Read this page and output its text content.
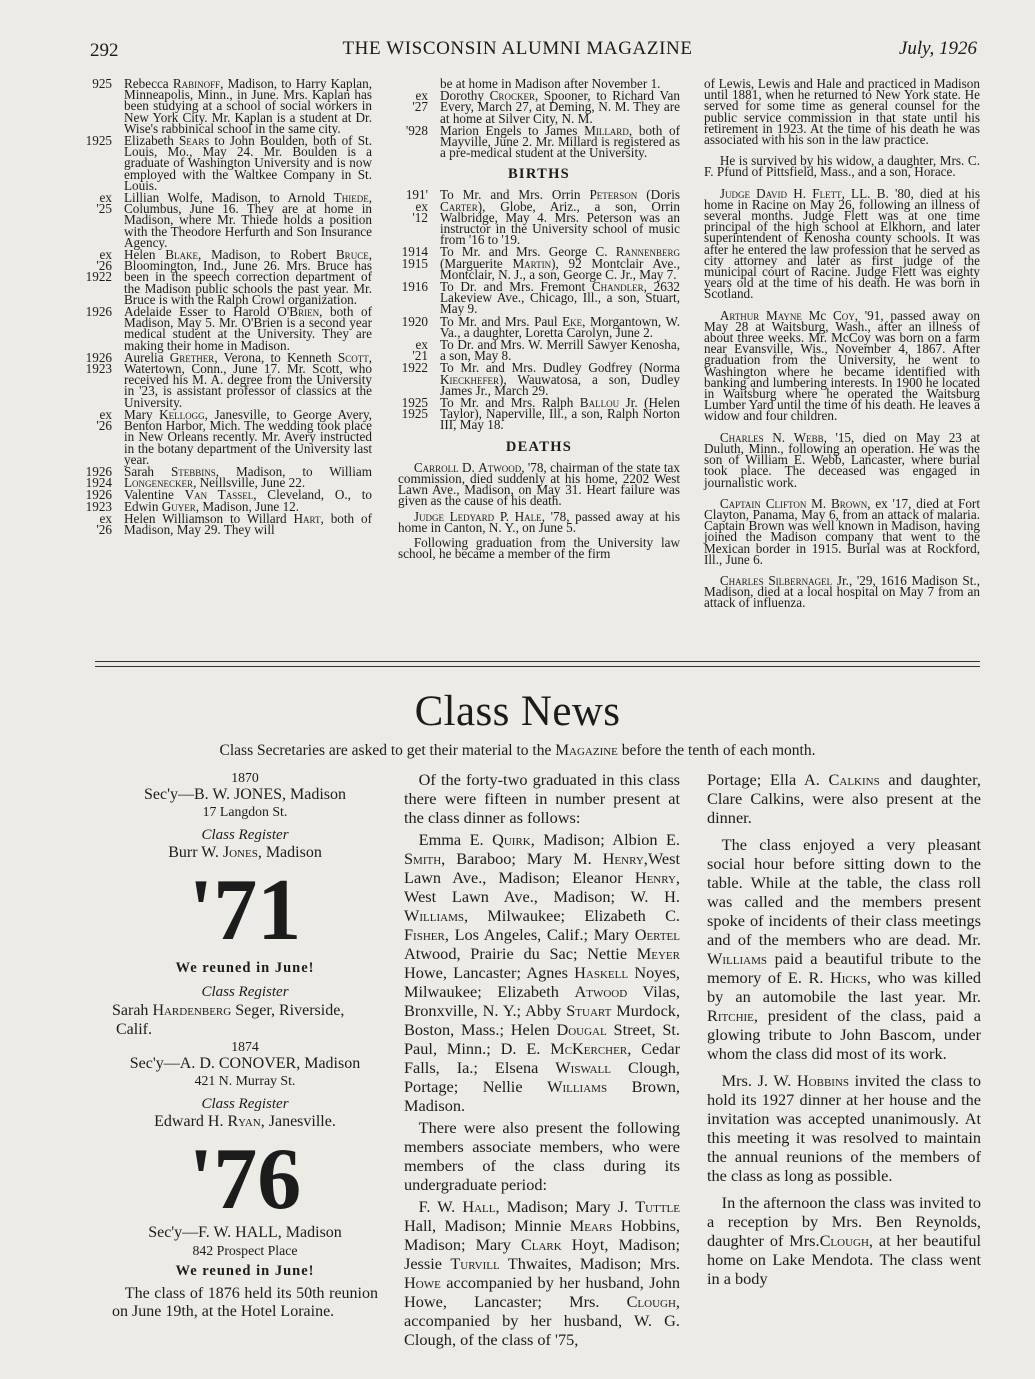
292	THE WISCONSIN ALUMNI MAGAZINE	July, 1926
925 Rebecca Rabinoff, Madison, to Harry Kaplan, Minneapolis, Minn., in June. Mrs. Kaplan has been studying at a school of social workers in New York City. Mr. Kaplan is a student at Dr. Wise's rabbinical school in the same city.
1925 Elizabeth Sears to John Boulden, both of St. Louis, Mo., May 24. Mr. Boulden is a graduate of Washington University and is now employed with the Waltkee Company in St. Louis.
ex '25
Lillian Wolfe, Madison, to Arnold Thiede, Columbus, June 16. They are at home in Madison, where Mr. Thiede holds a position with the Theodore Herfurth and Son Insurance Agency.
ex '26
1922
Helen Blake, Madison, to Robert Bruce, Bloomington, Ind., June 26. Mrs. Bruce has been in the speech correction department of the Madison public schools the past year. Mr. Bruce is with the Ralph Crowl organization.
1926 Adelaide Esser to Harold O'Brien, both of Madison, May 5. Mr. O'Brien is a second year medical student at the University. They are making their home in Madison.
1926
1923
Aurelia Grether, Verona, to Kenneth Scott, Watertown, Conn., June 17. Mr. Scott, who received his M. A. degree from the University in '23, is assistant professor of classics at the University.
ex '26
Mary Kellogg, Janesville, to George Avery, Benton Harbor, Mich. The wedding took place in New Orleans recently. Mr. Avery instructed in the botany department of the University last year.
1926
1924
Sarah Stebbins, Madison, to William Longenecker, Neillsville, June 22.
1926
1923
Valentine Van Tassel, Cleveland, O., to Edwin Guyer, Madison, June 12.
ex '26
Helen Williamson to Willard Hart, both of Madison, May 29. They will
be at home in Madison after November 1.
ex '27
Dorothy Crocker, Spooner, to Richard Van Every, March 27, at Deming, N. M. They are at home at Silver City, N. M.
'928 Marion Engels to James Millard, both of Mayville, June 2. Mr. Millard is registered as a pre-medical student at the University.
BIRTHS
191'
ex '12
To Mr. and Mrs. Orrin Peterson (Doris Carter), Globe, Ariz., a son, Orrin Walbridge, May 4. Mrs. Peterson was an instructor in the University school of music from '16 to '19.
1914
1915
To Mr. and Mrs. George C. Rannenberg (Marguerite Martin), 92 Montclair Ave., Montclair, N. J., a son, George C. Jr., May 7.
1916 To Dr. and Mrs. Fremont Chandler, 2632 Lakeview Ave., Chicago, Ill., a son, Stuart, May 9.
1920 To Mr. and Mrs. Paul Eke, Morgantown, W. Va., a daughter, Loretta Carolyn, June 2.
ex '21
To Dr. and Mrs. W. Merrill Sawyer Kenosha, a son, May 8.
1922 To Mr. and Mrs. Dudley Godfrey (Norma Kieckhefer), Wauwatosa, a son, Dudley James Jr., March 29.
1925
1925
To Mr. and Mrs. Ralph Ballou Jr. (Helen Taylor), Naperville, Ill., a son, Ralph Norton III, May 18.
DEATHS
Carroll D. Atwood, '78, chairman of the state tax commission, died suddenly at his home, 2202 West Lawn Ave., Madison, on May 31. Heart failure was given as the cause of his death.
Judge Ledyard P. Hale, '78, passed away at his home in Canton, N. Y., on June 5.
Following graduation from the University law school, he became a member of the firm
of Lewis, Lewis and Hale and practiced in Madison until 1881, when he returned to New York state. He served for some time as general counsel for the public service commission in that state until his retirement in 1923. At the time of his death he was associated with his son in the law practice.
He is survived by his widow, a daughter, Mrs. C. F. Pfund of Pittsfield, Mass., and a son, Horace.
Judge David H. Flett, LL. B. '80, died at his home in Racine on May 26, following an illness of several months. Judge Flett was at one time principal of the high school at Elkhorn, and later superintendent of Kenosha county schools. It was after he entered the law profession that he served as city attorney and later as first judge of the municipal court of Racine. Judge Flett was eighty years old at the time of his death. He was born in Scotland.
Arthur Mayne Mc Coy, '91, passed away on May 28 at Waitsburg, Wash., after an illness of about three weeks. Mr. McCoy was born on a farm near Evansville, Wis., November 4, 1867. After graduation from the University, he went to Washington where he became identified with banking and lumbering interests. In 1900 he located in Waitsburg where he operated the Waitsburg Lumber Yard until the time of his death. He leaves a widow and four children.
Charles N. Webb, '15, died on May 23 at Duluth, Minn., following an operation. He was the son of William E. Webb, Lancaster, where burial took place. The deceased was engaged in journalistic work.
Captain Clifton M. Brown, ex '17, died at Fort Clayton, Panama, May 6, from an attack of malaria. Captain Brown was well known in Madison, having joined the Madison company that went to the Mexican border in 1915. Burial was at Rockford, Ill., June 6.
Charles Silbernagel Jr., '29, 1616 Madison St., Madison, died at a local hospital on May 7 from an attack of influenza.
Class News
Class Secretaries are asked to get their material to the Magazine before the tenth of each month.
1870
Sec'y—B. W. JONES, Madison
17 Langdon St.
Class Register
Burr W. Jones, Madison
'71
We reuned in June!
Class Register
Sarah Hardenberg Seger, Riverside, Calif.
1874
Sec'y—A. D. CONOVER, Madison
421 N. Murray St.
Class Register
Edward H. Ryan, Janesville.
'76
Sec'y—F. W. HALL, Madison
842 Prospect Place
We reuned in June!
The class of 1876 held its 50th reunion on June 19th, at the Hotel Loraine.
Of the forty-two graduated in this class there were fifteen in number present at the class dinner as follows:
Emma E. Quirk, Madison; Albion E. Smith, Baraboo; Mary M. Henry,West Lawn Ave., Madison; Eleanor Henry, West Lawn Ave., Madison; W. H. Williams, Milwaukee; Elizabeth C. Fisher, Los Angeles, Calif.; Mary Oertel Atwood, Prairie du Sac; Nettie Meyer Howe, Lancaster; Agnes Haskell Noyes, Milwaukee; Elizabeth Atwood Vilas, Bronxville, N. Y.; Abby Stuart Murdock, Boston, Mass.; Helen Dougal Street, St. Paul, Minn.; D. E. McKercher, Cedar Falls, Ia.; Elsena Wiswall Clough, Portage; Nellie Williams Brown, Madison.
There were also present the following members associate members, who were members of the class during its undergraduate period:
F. W. Hall, Madison; Mary J. Tuttle Hall, Madison; Minnie Mears Hobbins, Madison; Mary Clark Hoyt, Madison; Jessie Turvill Thwaites, Madison; Mrs. Howe accompanied by her husband, John Howe, Lancaster; Mrs. Clough, accompanied by her husband, W. G. Clough, of the class of '75,
Portage; Ella A. Calkins and daughter, Clare Calkins, were also present at the dinner.
The class enjoyed a very pleasant social hour before sitting down to the table. While at the table, the class roll was called and the members present spoke of incidents of their class meetings and of the members who are dead. Mr. Williams paid a beautiful tribute to the memory of E. R. Hicks, who was killed by an automobile the last year. Mr. Ritchie, president of the class, paid a glowing tribute to John Bascom, under whom the class did most of its work.
Mrs. J. W. Hobbins invited the class to hold its 1927 dinner at her house and the invitation was accepted unanimously. At this meeting it was resolved to maintain the annual reunions of the members of the class as long as possible.
In the afternoon the class was invited to a reception by Mrs. Ben Reynolds, daughter of Mrs.Clough, at her beautiful home on Lake Mendota. The class went in a body
